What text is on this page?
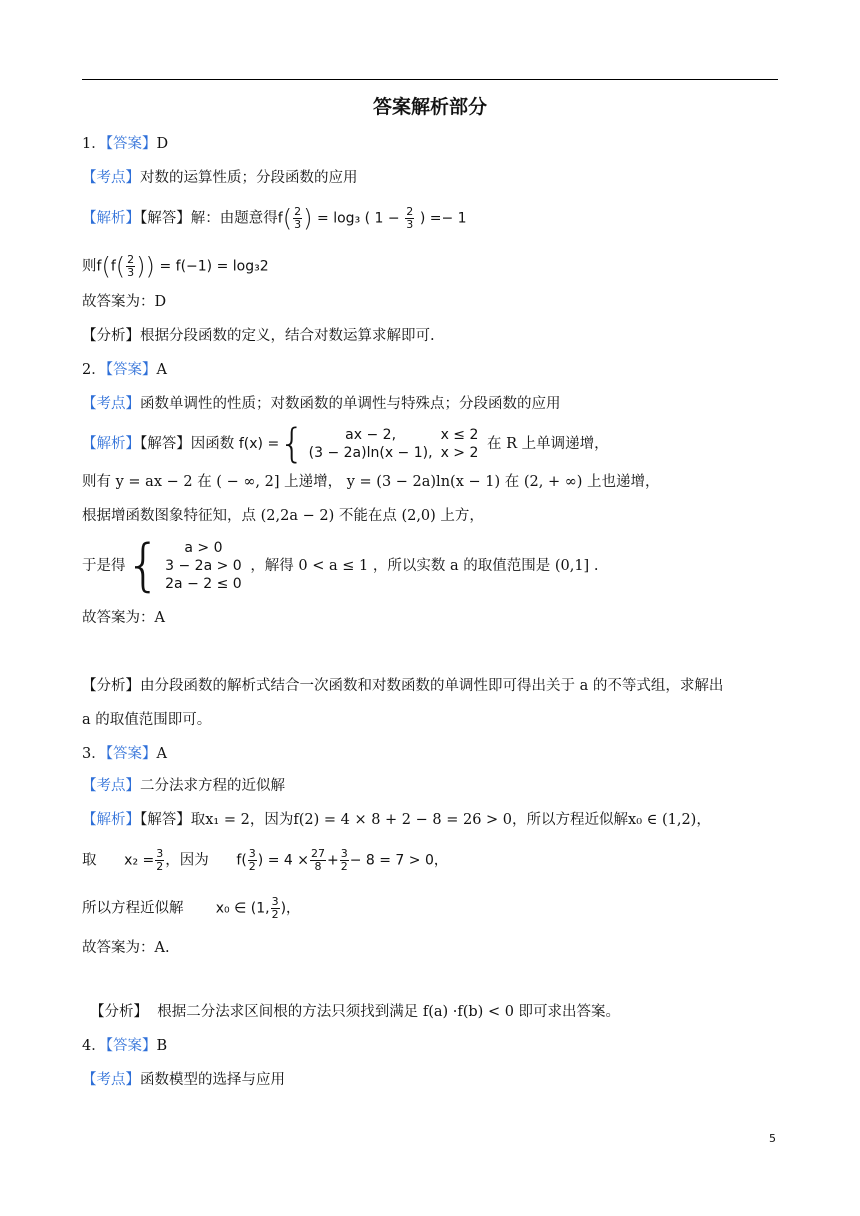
答案解析部分
1．【答案】D
【考点】对数的运算性质；分段函数的应用
【解析】【解答】解：由题意得$f( \frac{2}{3}$ ) = log₃ ( $1 - \frac{2}{3}$ ) =− 1
则$f(f( \frac{2}{3}$ )) = f(−1) = log₃2
故答案为：D
【分析】根据分段函数的定义，结合对数运算求解即可.
2．【答案】A
【考点】函数单调性的性质；对数函数的单调性与特殊点；分段函数的应用
【解析】【解答】因函数 f(x) ={	ax − 2,	x ≤ 2
(3 − 2a)ln(x − 1),	x > 2 在 R 上单调递增，
则有 y = ax − 2 在 ( − ∞, 2] 上递增， y = (3 − 2a)ln(x − 1) 在 (2, + ∞) 上也递增，
根据增函数图象特征知，点 (2,2a − 2) 不能在点 (2,0) 上方，
于是得{ a > 0
3 − 2a > 0
2a − 2 ≤ 0 ，解得 0 < a ≤ 1 ，所以实数 a 的取值范围是 (0,1] .
故答案为：A
【分析】由分段函数的解析式结合一次函数和对数函数的单调性即可得出关于 a 的不等式组，求解出
a 的取值范围即可。
3．【答案】A
【考点】二分法求方程的近似解
【解析】【解答】取x₁ = 2，因为f(2) = 4 × 8 + 2 − 8 = 26 > 0，所以方程近似解x₀ ∈ (1,2)，
取 $x_2 = \frac{3}{2}$ ，因为 $f( \frac{3}{2}$ ) = $4 \times \frac{27}{8} + \frac{3}{2} - 8 = 7 > 0$，
所以方程近似解 x₀ ∈ (1, $\frac{3}{2}$ )，
故答案为：A.
【分析】 根据二分法求区间根的方法只须找到满足 f(a) ·f(b) < 0 即可求出答案。
4．【答案】B
【考点】函数模型的选择与应用
5
